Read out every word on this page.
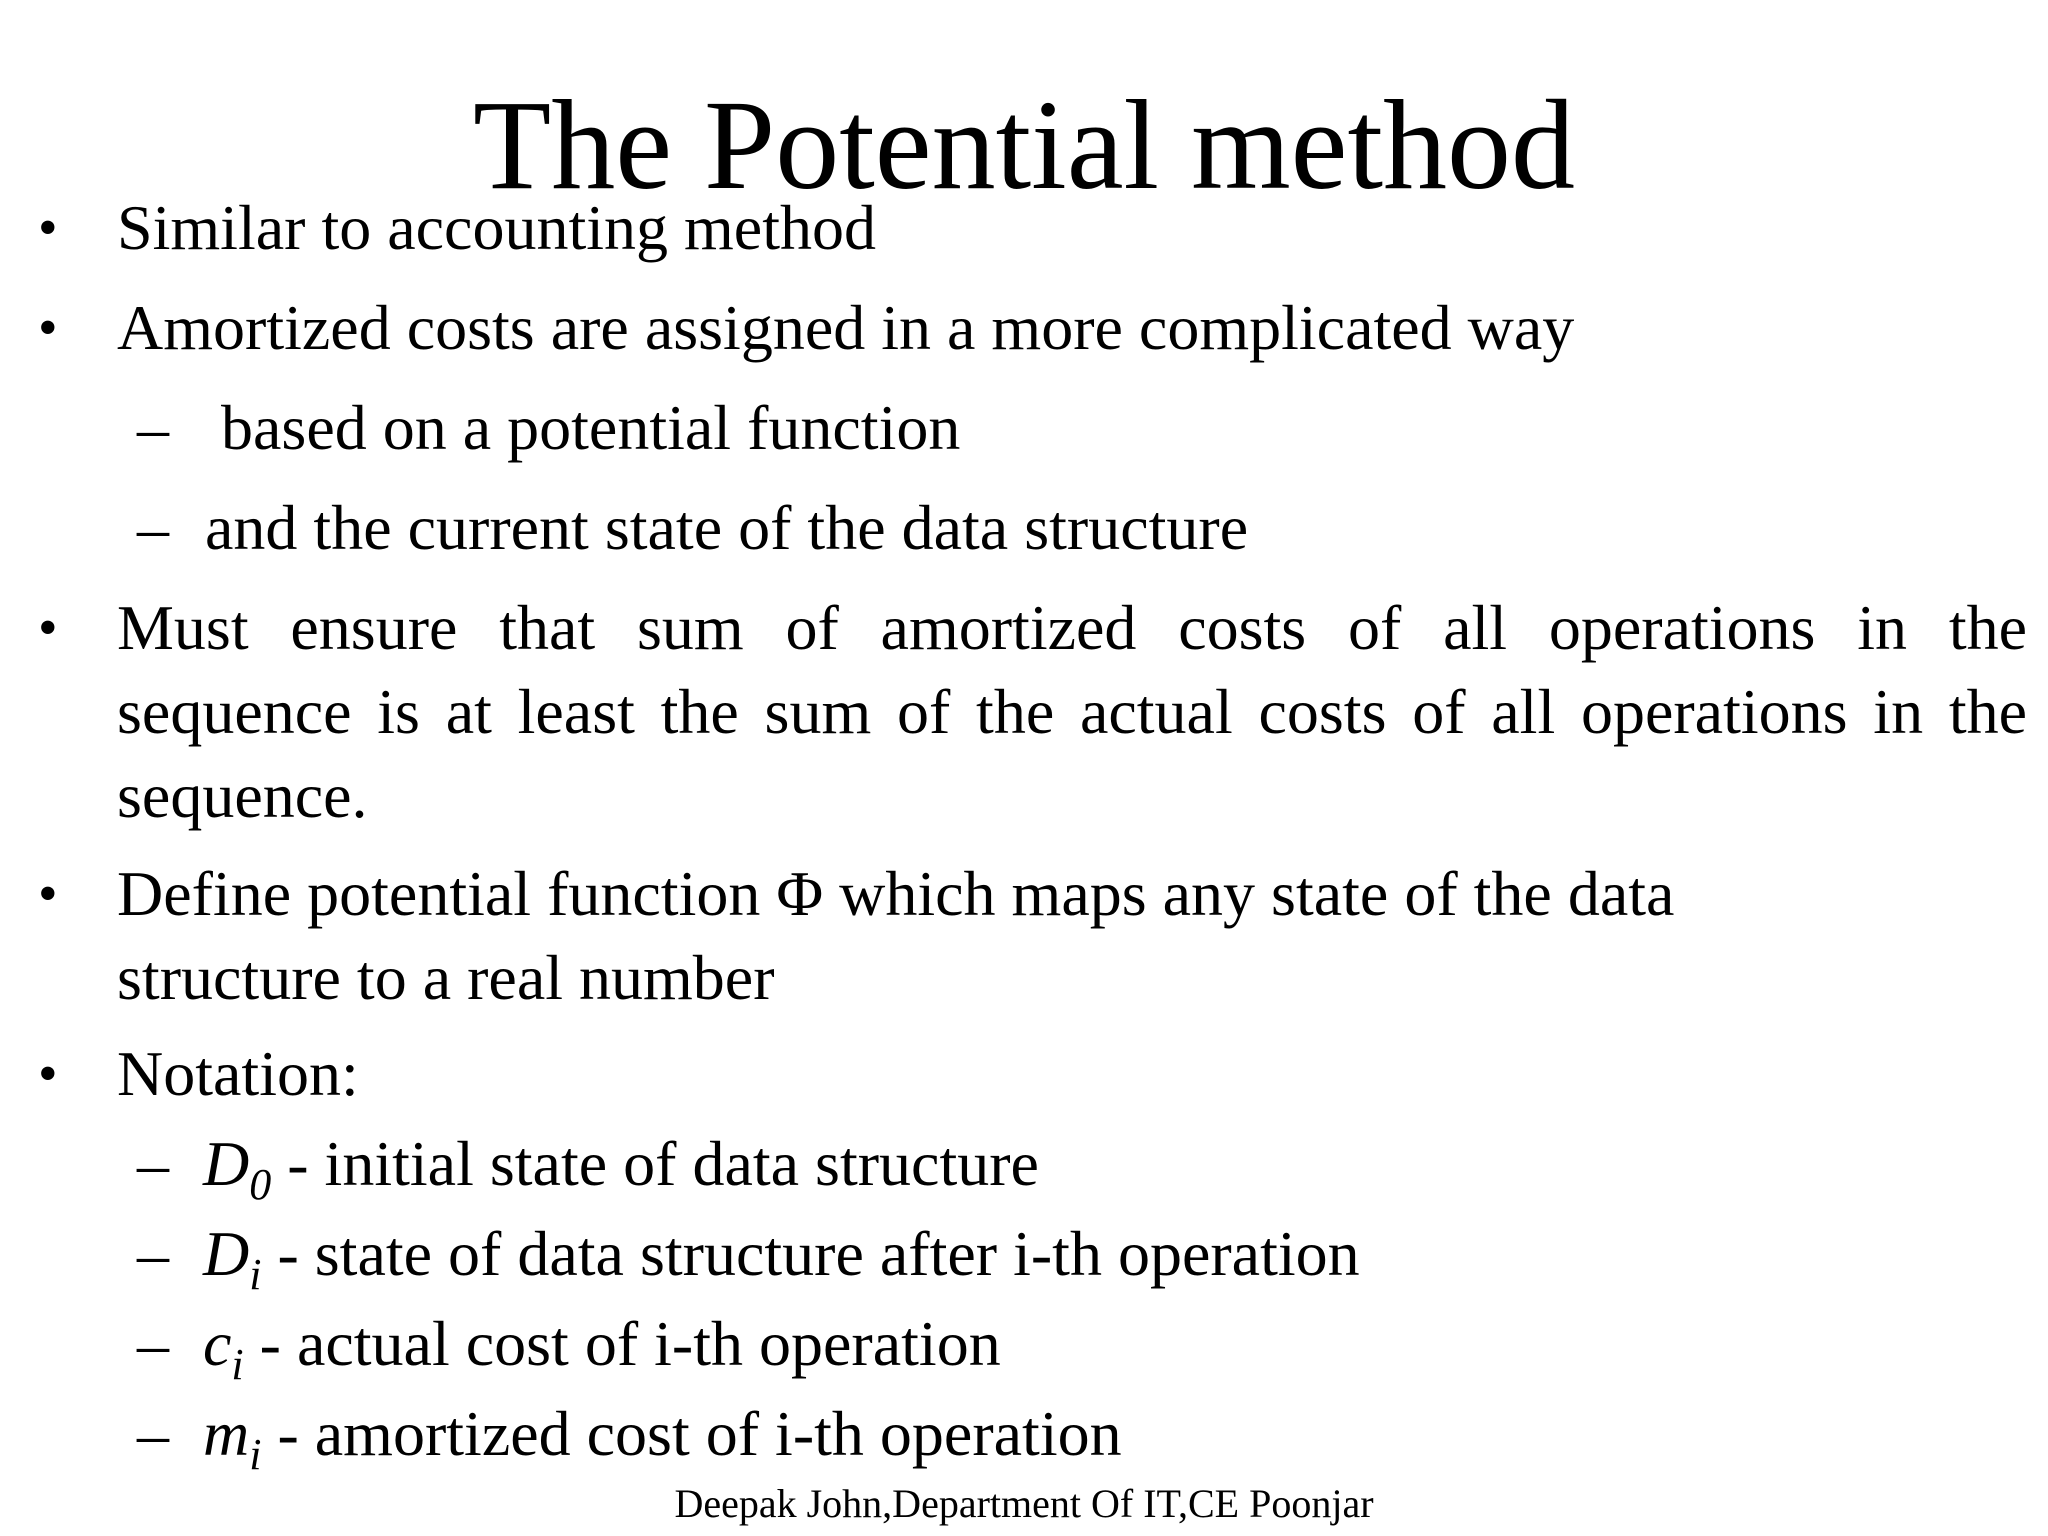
The Potential method
• Similar to accounting method
• Amortized costs are assigned in a more complicated way
– based on a potential function
– and the current state of the data structure
• Must ensure that sum of amortized costs of all operations in the
sequence is at least the sum of the actual costs of all operations in the
sequence.
• Define potential function Φ which maps any state of the data
structure to a real number
• Notation:
– $D_0$ - initial state of data structure
– $D_i$ - state of data structure after i-th operation
– $c_i$ - actual cost of i-th operation
– $m_i$ - amortized cost of i-th operation
Deepak John,Department Of IT,CE Poonjar
